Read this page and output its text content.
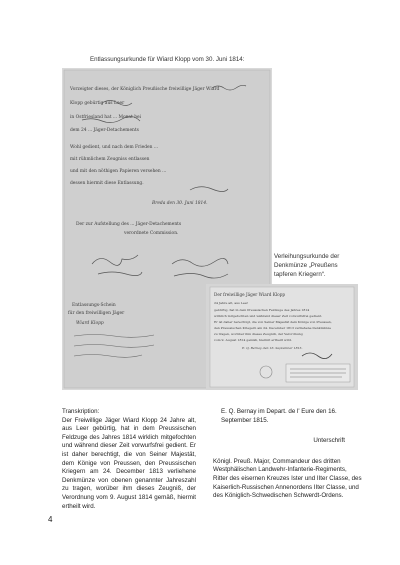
Entlassungsurkunde für Wiard Klopp vom 30. Juni 1814:
Vorzeigter dieses, der Königlich Preußische freiwillige Jäger Wiard
Klopp gebürtig aus Leer
in Ostfriesland hat ... Monat bei
dem 24 ... Jäger-Detachements
Wohl gedient, und nach dem Frieden ...
mit rühmlichem Zeugniss entlassen
und mit den nöthigen Papieren versehen ...
dessen hiermit diese Entlassung.
Breda den 30. Juni 1814.
Der zur Aufstellung des ... Jäger-Detachements
verordnete Commission.
Entlassungs-Schein
für den freiwilligen Jäger
Wiard Klopp
Der freiwillige Jäger Wiard Klopp
24 Jahre alt, aus Leer
gebürtig, hat in dem Preussischen Feldzuge des Jahres 1814
wirklich mitgefochten und während dieser Zeit vorwurfsfrei gedient.
Er ist daher berechtigt, die von Seiner Majestät dem Könige von Preussen,
den Preussischen Kriegern am 24. December 1813 verliehene Denkmünze
zu tragen, worüber ihm dieses Zeugniß, der Verordnung
vom 9. August 1814 gemäß, hiermit ertheilt wird.
E. Q. Bernay den 16. September 1815.
Verleihungsurkunde der
Denkmünze „Preußens
tapferen Kriegern“.

Transkription:

Der Freiwillige Jäger Wiard Klopp 24 Jahre alt, aus Leer gebürtig, hat in dem Preussischen Feldzuge des Jahres 1814 wirklich mitgefochten und während dieser Zeit vorwurfsfrei gedient. Er ist daher berechtigt, die von Seiner Majestät, dem Könige von Preussen, den Preussischen Kriegern am 24. December 1813 verliehene Denkmünze von obenen genannter Jahreszahl zu tragen, worüber ihm dieses Zeugniß, der Verordnung vom 9. August 1814 gemäß, hiermit ertheilt wird.

E. Q. Bernay im Depart. de l' Eure den 16. September 1815.

Unterschrift

Königl. Preuß. Major, Commandeur des dritten Westphälischen Landwehr-Infanterie-Regiments, Ritter des eisernen Kreuzes Ister und IIter Classe, des Kaiserlich-Russischen Annenordens IIter Classe, und des Königlich-Schwedischen Schwerdt-Ordens.

4
